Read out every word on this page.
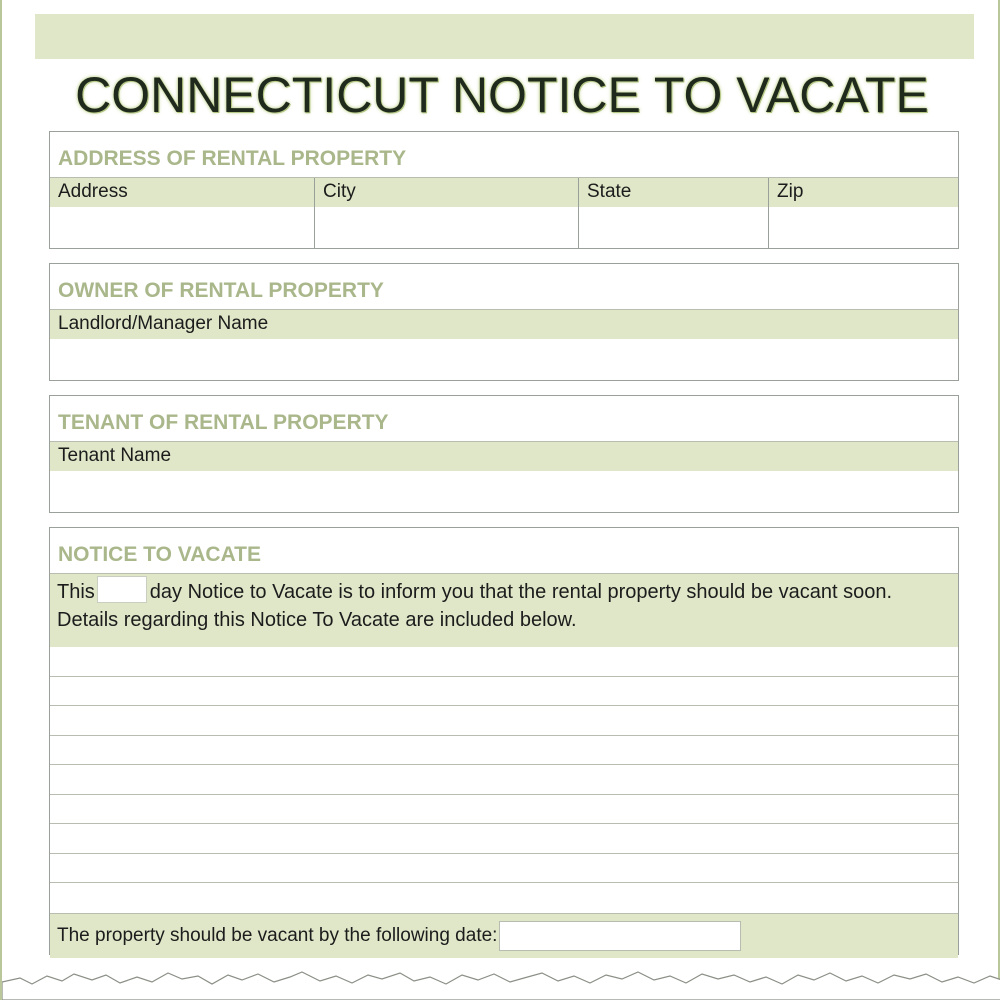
CONNECTICUT NOTICE TO VACATE
ADDRESS OF RENTAL PROPERTY
Address	City	State	Zip
OWNER OF RENTAL PROPERTY
Landlord/Manager Name
TENANT OF RENTAL PROPERTY
Tenant Name
NOTICE TO VACATE
This	day Notice to Vacate is to inform you that the rental property should be vacant soon.
Details regarding this Notice To Vacate are included below.
The property should be vacant by the following date:
